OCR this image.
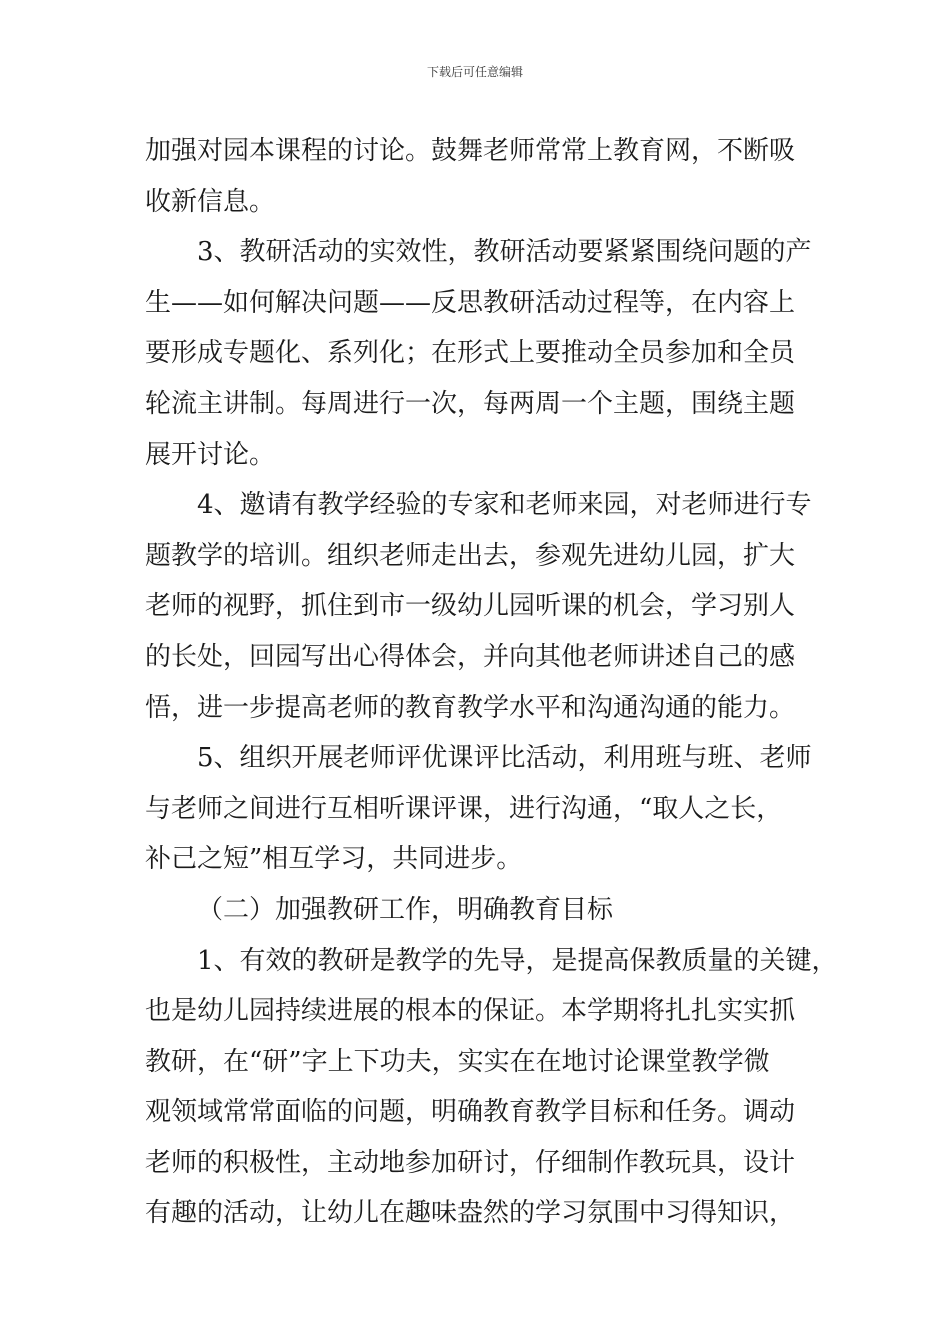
下载后可任意编辑
加强对园本课程的讨论。鼓舞老师常常上教育网，不断吸
收新信息。
3、教研活动的实效性，教研活动要紧紧围绕问题的产
生——如何解决问题——反思教研活动过程等，在内容上
要形成专题化、系列化；在形式上要推动全员参加和全员
轮流主讲制。每周进行一次，每两周一个主题，围绕主题
展开讨论。
4、邀请有教学经验的专家和老师来园，对老师进行专
题教学的培训。组织老师走出去，参观先进幼儿园，扩大
老师的视野，抓住到市一级幼儿园听课的机会，学习别人
的长处，回园写出心得体会，并向其他老师讲述自己的感
悟，进一步提高老师的教育教学水平和沟通沟通的能力。
5、组织开展老师评优课评比活动，利用班与班、老师
与老师之间进行互相听课评课，进行沟通，“取人之长，
补己之短”相互学习，共同进步。
（二）加强教研工作，明确教育目标
1、有效的教研是教学的先导，是提高保教质量的关键，
也是幼儿园持续进展的根本的保证。本学期将扎扎实实抓
教研，在“研”字上下功夫，实实在在地讨论课堂教学微
观领域常常面临的问题，明确教育教学目标和任务。调动
老师的积极性，主动地参加研讨，仔细制作教玩具，设计
有趣的活动，让幼儿在趣味盎然的学习氛围中习得知识，
